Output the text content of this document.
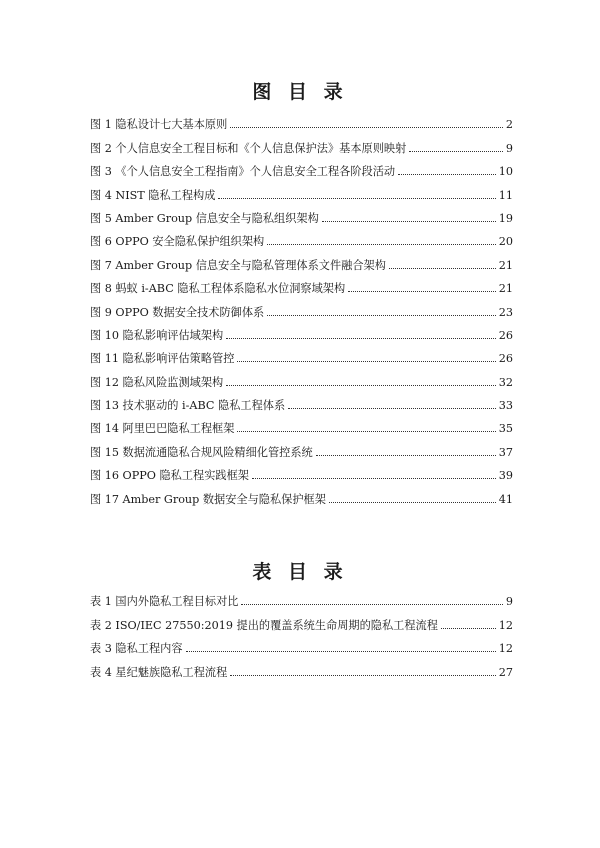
图 目 录
图 1 隐私设计七大基本原则	2
图 2 个人信息安全工程目标和《个人信息保护法》基本原则映射	9
图 3 《个人信息安全工程指南》个人信息安全工程各阶段活动	10
图 4 NIST 隐私工程构成	11
图 5 Amber Group 信息安全与隐私组织架构	19
图 6 OPPO 安全隐私保护组织架构	20
图 7 Amber Group 信息安全与隐私管理体系文件融合架构	21
图 8 蚂蚁 i-ABC 隐私工程体系隐私水位洞察域架构	21
图 9 OPPO 数据安全技术防御体系	23
图 10 隐私影响评估域架构	26
图 11 隐私影响评估策略管控	26
图 12 隐私风险监测域架构	32
图 13 技术驱动的 i-ABC 隐私工程体系	33
图 14 阿里巴巴隐私工程框架	35
图 15 数据流通隐私合规风险精细化管控系统	37
图 16 OPPO 隐私工程实践框架	39
图 17 Amber Group 数据安全与隐私保护框架	41
表 目 录
表 1 国内外隐私工程目标对比	9
表 2 ISO/IEC 27550:2019 提出的覆盖系统生命周期的隐私工程流程	12
表 3 隐私工程内容	12
表 4 星纪魅族隐私工程流程	27
